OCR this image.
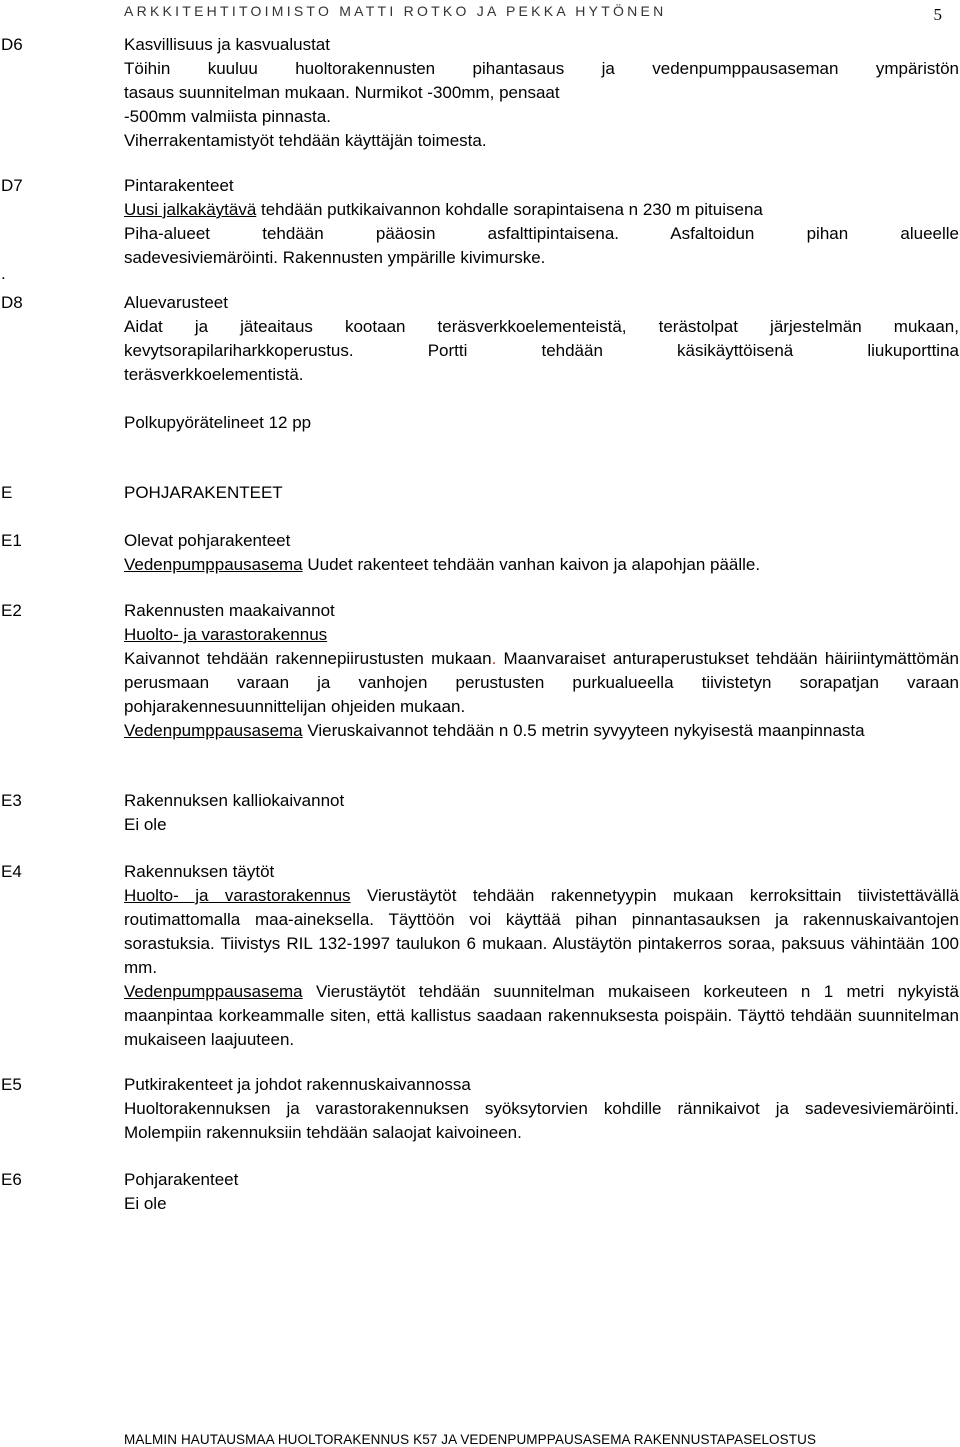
ARKKITEHTITOIMISTO MATTI ROTKO JA PEKKA HYTÖNEN	5
D6	Kasvillisuus ja kasvualustat
Töihin kuuluu huoltorakennusten pihantasaus ja vedenpumppausaseman ympäristön
tasaus suunnitelman mukaan. Nurmikot -300mm, pensaat
-500mm valmiista pinnasta.
Viherrakentamistyöt tehdään käyttäjän toimesta.
D7	Pintarakenteet
Uusi jalkakäytävä tehdään putkikaivannon kohdalle sorapintaisena n 230 m pituisena
Piha-alueet tehdään pääosin asfalttipintaisena. Asfaltoidun pihan alueelle
sadevesiviemäröinti. Rakennusten ympärille kivimurske.
.
D8	Aluevarusteet
Aidat ja jäteaitaus kootaan teräsverkkoelementeistä, terästolpat järjestelmän mukaan,
kevytsorapilariharkkoperustus. Portti tehdään käsikäyttöisenä liukuporttina
teräsverkkoelementistä.
Polkupyörätelineet 12 pp
E	POHJARAKENTEET
E1	Olevat pohjarakenteet
Vedenpumppausasema Uudet rakenteet tehdään vanhan kaivon ja alapohjan päälle.
E2	Rakennusten maakaivannot
Huolto- ja varastorakennus
Kaivannot tehdään rakennepiirustusten mukaan. Maanvaraiset anturaperustukset tehdään häiriintymättömän perusmaan varaan ja vanhojen perustusten purkualueella tiivistetyn sorapatjan varaan pohjarakennesuunnittelijan ohjeiden mukaan.
Vedenpumppausasema Vieruskaivannot tehdään n 0.5 metrin syvyyteen nykyisestä maanpinnasta
E3	Rakennuksen kalliokaivannot
Ei ole
E4	Rakennuksen täytöt
Huolto- ja varastorakennus Vierustäytöt tehdään rakennetyypin mukaan kerroksittain tiivistettävällä routimattomalla maa-aineksella. Täyttöön voi käyttää pihan pinnantasauksen ja rakennuskaivantojen sorastuksia. Tiivistys RIL 132-1997 taulukon 6 mukaan. Alustäytön pintakerros soraa, paksuus vähintään 100 mm.
Vedenpumppausasema Vierustäytöt tehdään suunnitelman mukaiseen korkeuteen n 1 metri nykyistä maanpintaa korkeammalle siten, että kallistus saadaan rakennuksesta poispäin. Täyttö tehdään suunnitelman mukaiseen laajuuteen.
E5	Putkirakenteet ja johdot rakennuskaivannossa
Huoltorakennuksen ja varastorakennuksen syöksytorvien kohdille rännikaivot ja sadevesiviemäröinti. Molempiin rakennuksiin tehdään salaojat kaivoineen.
E6	Pohjarakenteet
Ei ole
MALMIN HAUTAUSMAA HUOLTORAKENNUS K57 JA VEDENPUMPPAUSASEMA RAKENNUSTAPASELOSTUS
